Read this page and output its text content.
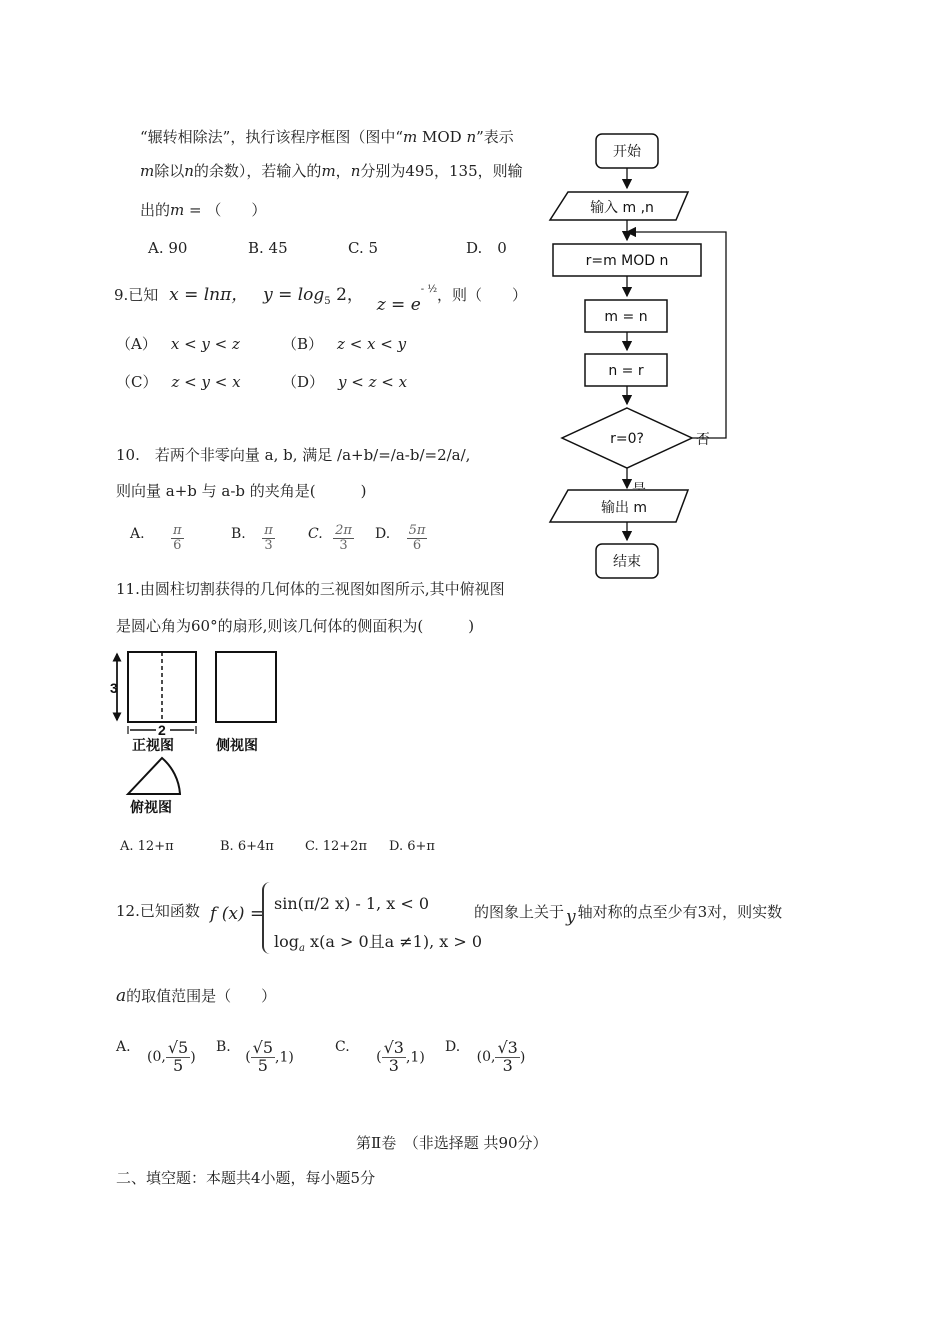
“辗转相除法”，执行该程序框图（图中“m MOD n”表示
m除以n的余数），若输入的m，n分别为495，135，则输
出的m = （　　）
A. 90	B. 45	C. 5	D.　0
开始
输入 m ,n
r=m MOD n
m = n
n = r
r=0?	否
输出 m
结束
9.已知 x = lnπ， $y = \log_5 2$， $z = e^{- \frac{1}{2}}$，则（　　）
（A） x < y < z	（B） z < x < y
（C） z < y < x	（D） y < z < x
10.　若两个非零向量 a, b, 满足 /a+b/=/a-b/=2/a/,
则向量 a+b 与 a-b 的夹角是(　　　)
A. $\frac{\pi}{6}$	B. $\frac{\pi}{3} C$. $\frac{2\pi}{3} D$. $\frac{5\pi}{6}$
11.由圆柱切割获得的几何体的三视图如图所示,其中俯视图
是圆心角为60°的扇形,则该几何体的侧面积为(　　　)
3
2
正视图	侧视图
俯视图
A. 12+π	B. 6+4π C. 12+2π D. 6+π
12.已知函数 f (x) =
sin(π/2 x) - 1, x < 0
$\log_a x(a > 0$且a ≠1), x > 0
的图象上关于 y 轴对称的点至少有3对，则实数
a的取值范围是（　　）
A. (0, $\frac{√5}{5}$ )
B. ( $\frac{√5}{5} ,1$)
C. ( $\frac{√3}{3} ,1$)
D. (0, $\frac{√3}{3}$ )
第Ⅱ卷　（非选择题 共90分）
二、填空题：本题共4小题，每小题5分
